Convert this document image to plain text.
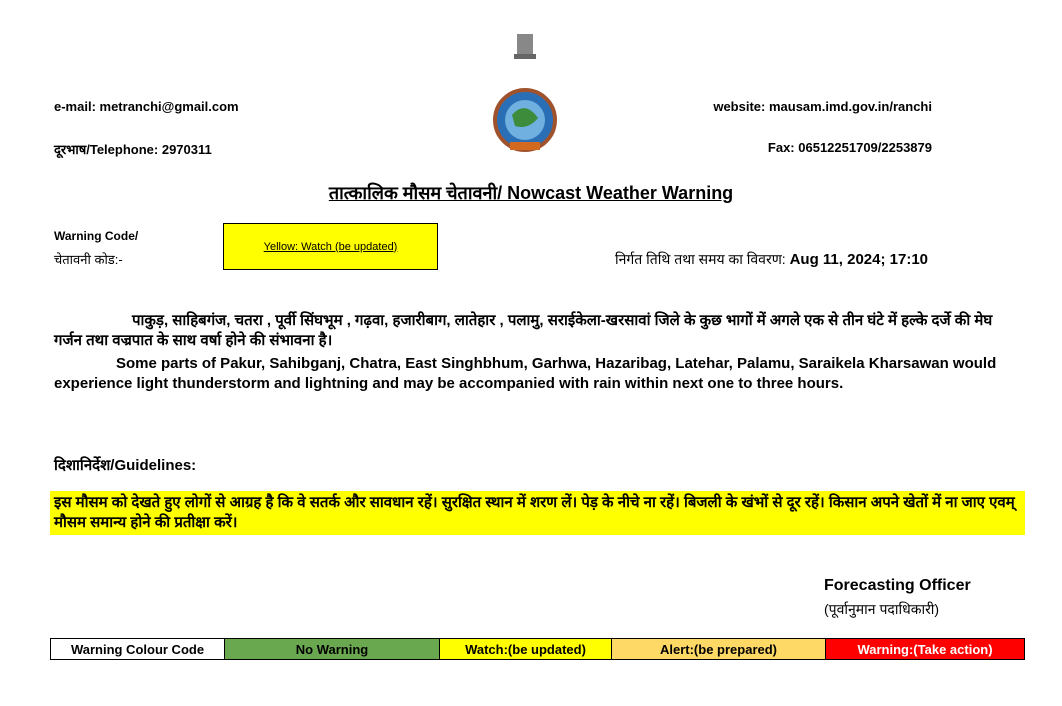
e-mail: metranchi@gmail.com
दूरभाष/Telephone: 2970311
website: mausam.imd.gov.in/ranchi
Fax: 06512251709/2253879
तात्कालिक मौसम चेतावनी/ Nowcast Weather Warning
Warning Code/
चेतावनी कोड:-
Yellow: Watch (be updated)
निर्गत तिथि तथा समय का विवरण: Aug 11, 2024; 17:10
पाकुड़, साहिबगंज, चतरा , पूर्वी सिंघभूम , गढ़वा, हजारीबाग, लातेहार , पलामु, सराईकेला-खरसावां जिले के कुछ भागों में अगले एक से तीन घंटे में हल्के दर्जे की मेघ गर्जन तथा वज्रपात के साथ वर्षा होने की संभावना है।
Some parts of Pakur, Sahibganj, Chatra, East Singhbhum, Garhwa, Hazaribag, Latehar, Palamu, Saraikela Kharsawan would experience light thunderstorm and lightning and may be accompanied with rain within next one to three hours.
दिशानिर्देश/Guidelines:
इस मौसम को देखते हुए लोगों से आग्रह है कि वे सतर्क और सावधान रहें। सुरक्षित स्थान में शरण लें। पेड़ के नीचे ना रहें। बिजली के खंभों से दूर रहें। किसान अपने खेतों में ना जाए एवम् मौसम समान्य होने की प्रतीक्षा करें।
Forecasting Officer
(पूर्वानुमान पदाधिकारी)
Warning Colour Code	No Warning	Watch:(be updated)	Alert:(be prepared)	Warning:(Take action)
